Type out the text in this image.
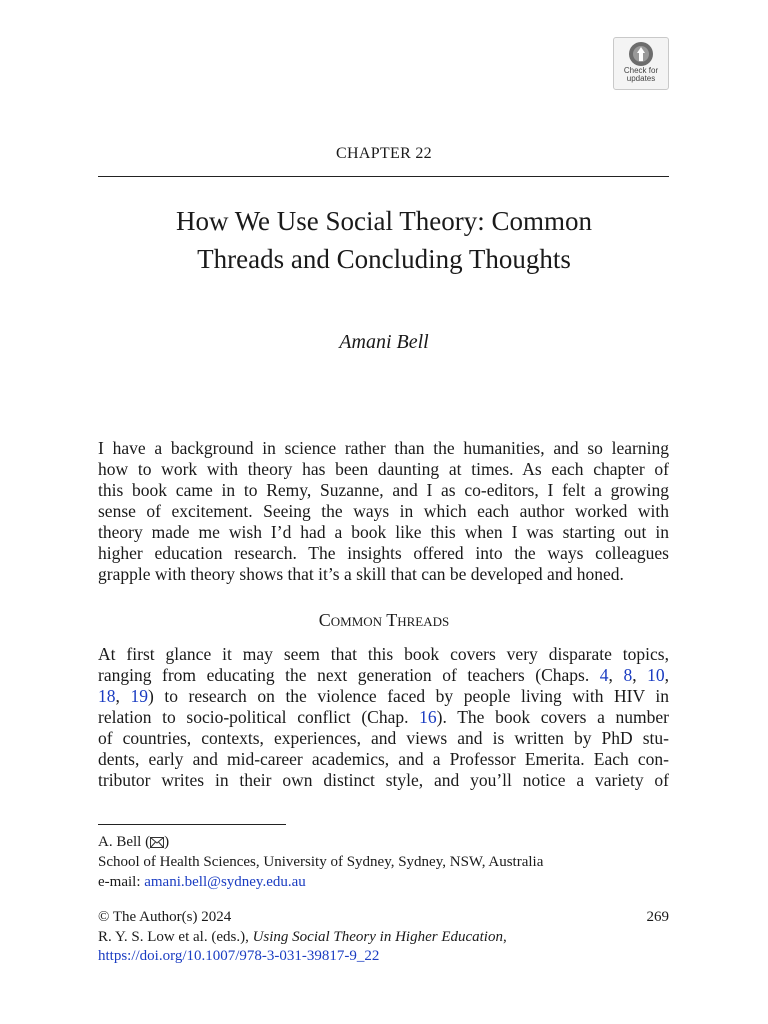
Check for
updates
CHAPTER 22
How We Use Social Theory: Common
Threads and Concluding Thoughts
Amani Bell

I have a background in science rather than the humanities, and so learning
how to work with theory has been daunting at times. As each chapter of
this book came in to Remy, Suzanne, and I as co-editors, I felt a growing
sense of excitement. Seeing the ways in which each author worked with
theory made me wish I’d had a book like this when I was starting out in
higher education research. The insights offered into the ways colleagues
grapple with theory shows that it’s a skill that can be developed and honed.

Common Threads

At first glance it may seem that this book covers very disparate topics,
ranging from educating the next generation of teachers (Chaps. 4, 8, 10,
18, 19) to research on the violence faced by people living with HIV in
relation to socio-political conflict (Chap. 16). The book covers a number
of countries, contexts, experiences, and views and is written by PhD stu-
dents, early and mid-career academics, and a Professor Emerita. Each con-
tributor writes in their own distinct style, and you’ll notice a variety of

A. Bell ( )
School of Health Sciences, University of Sydney, Sydney, NSW, Australia
e-mail: amani.bell@sydney.edu.au
© The Author(s) 2024	269
R. Y. S. Low et al. (eds.), Using Social Theory in Higher Education,
https://doi.org/10.1007/978-3-031-39817-9_22
